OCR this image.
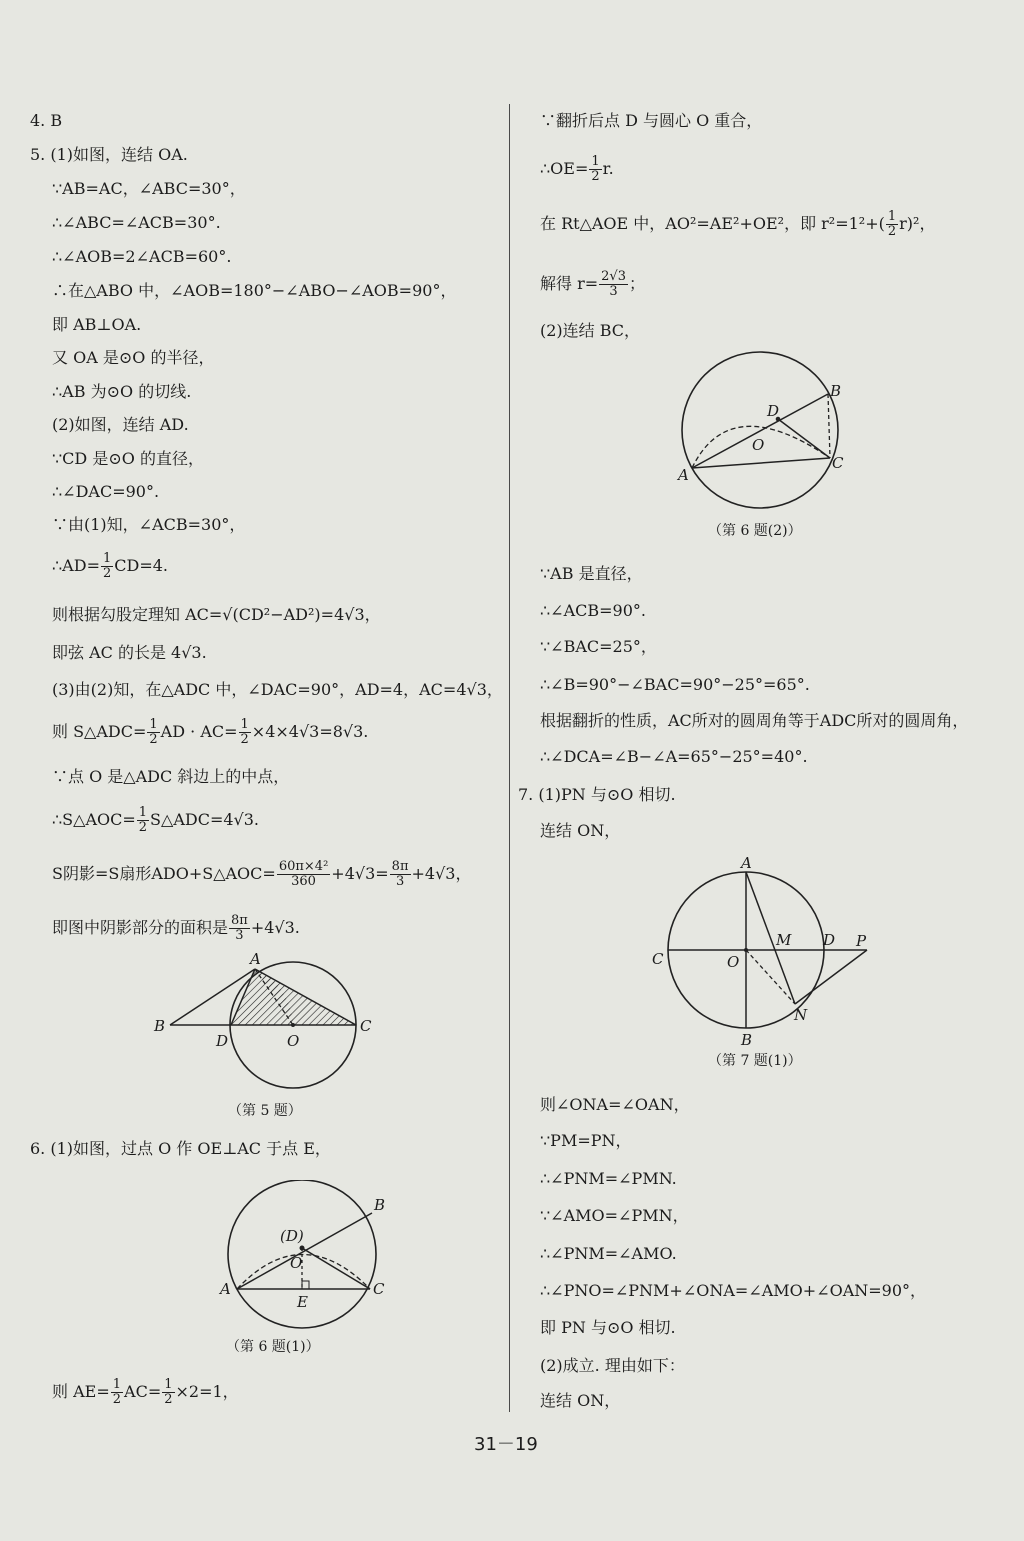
4. B
5. (1)如图，连结 OA.
∵AB=AC，∠ABC=30°，
∴∠ABC=∠ACB=30°.
∴∠AOB=2∠ACB=60°.
∴在△ABO 中，∠AOB=180°−∠ABO−∠AOB=90°，
即 AB⊥OA.
又 OA 是⊙O 的半径，
∴AB 为⊙O 的切线.
(2)如图，连结 AD.
∵CD 是⊙O 的直径，
∴∠DAC=90°.
∵由(1)知，∠ACB=30°，
∴AD= $\frac{1}{2} CD=4$.
则根据勾股定理知 AC=√(CD²−AD²)=4√3，
即弦 AC 的长是 4√3.
(3)由(2)知，在△ADC 中，∠DAC=90°，AD=4，AC=4√3，
则 S△ADC= $\frac{1}{2}$ AD · $AC= \frac{1}{2} \times 4\times 4√3=8√3$.
∵点 O 是△ADC 斜边上的中点，
∴S△AOC= $\frac{1}{2}$ S△ADC=4√3.
S阴影=S扇形ADO+S△AOC= $\frac{\text{60π×4²}}{360} +4√3= \frac{8\pi}{3} +4√3$，
即图中阴影部分的面积是 $\frac{8\pi}{3} +4√3$.
A
B	C
D	O
（第 5 题）
6. (1)如图，过点 O 作 OE⊥AC 于点 E，
A
B
C
(D)
O
E
（第 6 题(1)）
则 $AE= \frac{1}{2} AC= \frac{1}{2} \times 2=1$，
∵翻折后点 D 与圆心 O 重合，
∴OE= $\frac{1}{2} r$.
在 Rt△AOE 中，AO²=AE²+OE²，即 $r^2=1^2+( \frac{1}{2} r)^2$，
解得 $r= \frac{2√3}{3}$ ；
(2)连结 BC，
A
B
C
D
O
（第 6 题(2)）
∵AB 是直径，
∴∠ACB=90°.
∵∠BAC=25°，
∴∠B=90°−∠BAC=90°−25°=65°.
根据翻折的性质，AC所对的圆周角等于ADC所对的圆周角，
∴∠DCA=∠B−∠A=65°−25°=40°.
7. (1)PN 与⊙O 相切.
连结 ON，
A
B
C
D
O
M
N
P
（第 7 题(1)）
则∠ONA=∠OAN，
∵PM=PN，
∴∠PNM=∠PMN.
∵∠AMO=∠PMN，
∴∠PNM=∠AMO.
∴∠PNO=∠PNM+∠ONA=∠AMO+∠OAN=90°，
即 PN 与⊙O 相切.
(2)成立. 理由如下：
连结 ON，
31－19
